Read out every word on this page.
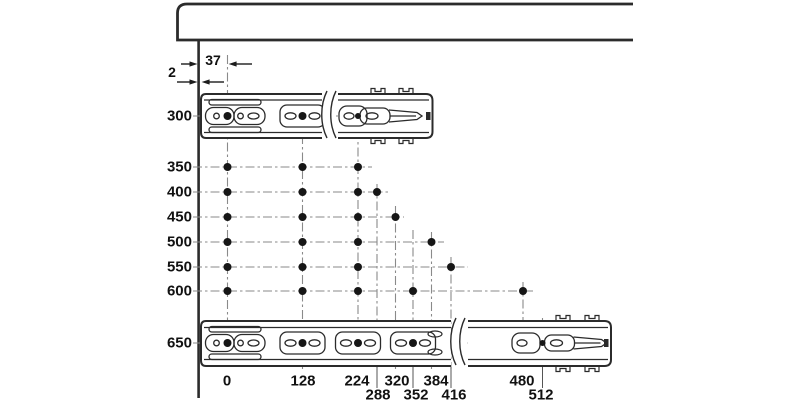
37
2
300
350
400
450
500
550
600
650
0	128 224
288
320
352
384
416
480
512
